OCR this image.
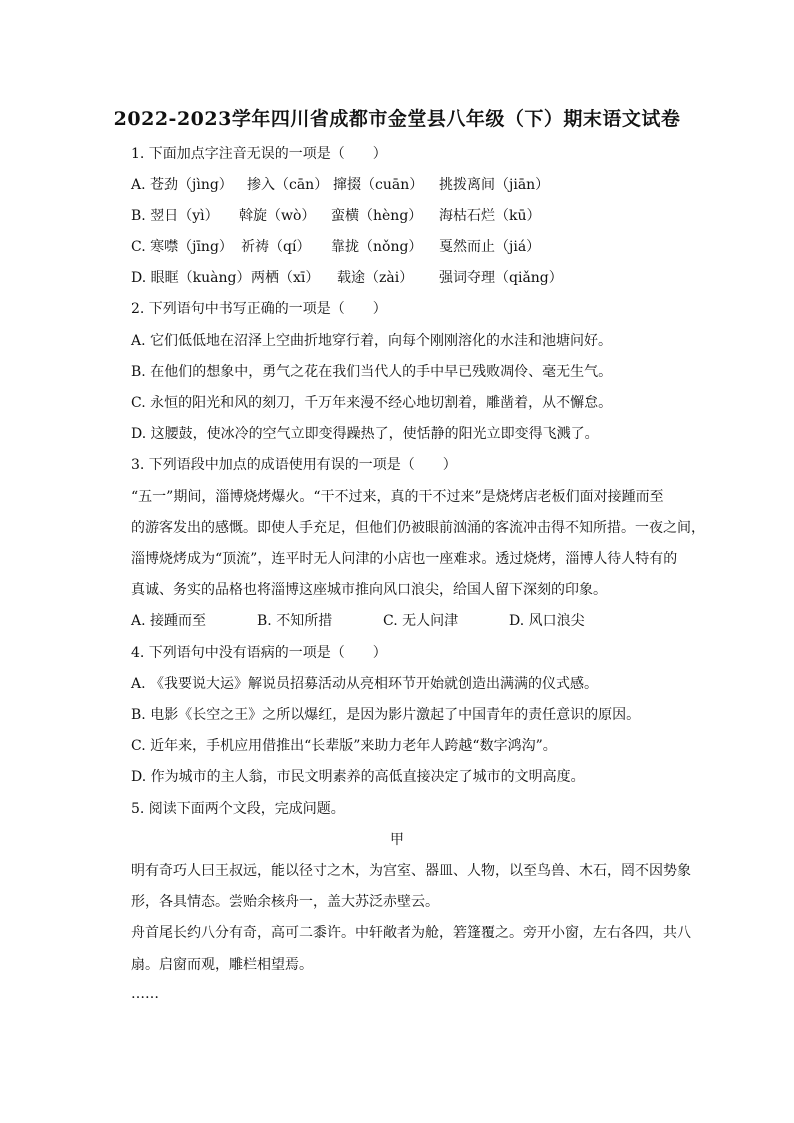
2022-2023学年四川省成都市金堂县八年级（下）期末语文试卷
1. 下面加点字注音无误的一项是（　　）
A. 苍劲（jìng） 掺入（cān） 撺掇（cuān） 挑拨离间（jiān）
B. 翌日（yì） 斡旋（wò） 蛮横（hèng） 海枯石烂（kū）
C. 寒噤（jīng） 祈祷（qí） 靠拢（nǒng） 戛然而止（jiá）
D. 眼眶（kuàng）两栖（xī） 载途（zài） 强词夺理（qiǎng）
2. 下列语句中书写正确的一项是（　　）
A. 它们低低地在沼泽上空曲折地穿行着，向每个刚刚溶化的水洼和池塘问好。
B. 在他们的想象中，勇气之花在我们当代人的手中早已残败凋伶、毫无生气。
C. 永恒的阳光和风的刻刀，千万年来漫不经心地切割着，雕凿着，从不懈怠。
D. 这腰鼓，使冰冷的空气立即变得躁热了，使恬静的阳光立即变得飞溅了。
3. 下列语段中加点的成语使用有误的一项是（　　）
“五一”期间，淄博烧烤爆火。“干不过来，真的干不过来”是烧烤店老板们面对接踵而至
的游客发出的感慨。即使人手充足，但他们仍被眼前汹涌的客流冲击得不知所措。一夜之间，
淄博烧烤成为“顶流”，连平时无人问津的小店也一座难求。透过烧烤，淄博人待人特有的
真诚、务实的品格也将淄博这座城市推向风口浪尖，给国人留下深刻的印象。
A. 接踵而至	B. 不知所措	C. 无人问津	D. 风口浪尖
4. 下列语句中没有语病的一项是（　　）
A. 《我要说大运》解说员招募活动从亮相环节开始就创造出满满的仪式感。
B. 电影《长空之王》之所以爆红，是因为影片激起了中国青年的责任意识的原因。
C. 近年来，手机应用借推出“长辈版”来助力老年人跨越“数字鸿沟”。
D. 作为城市的主人翁，市民文明素养的高低直接决定了城市的文明高度。
5. 阅读下面两个文段，完成问题。
甲
明有奇巧人曰王叔远，能以径寸之木，为宫室、器皿、人物，以至鸟兽、木石，罔不因势象
形，各具情态。尝贻余核舟一，盖大苏泛赤壁云。
舟首尾长约八分有奇，高可二黍许。中轩敞者为舱，箬篷覆之。旁开小窗，左右各四，共八
扇。启窗而观，雕栏相望焉。
……
